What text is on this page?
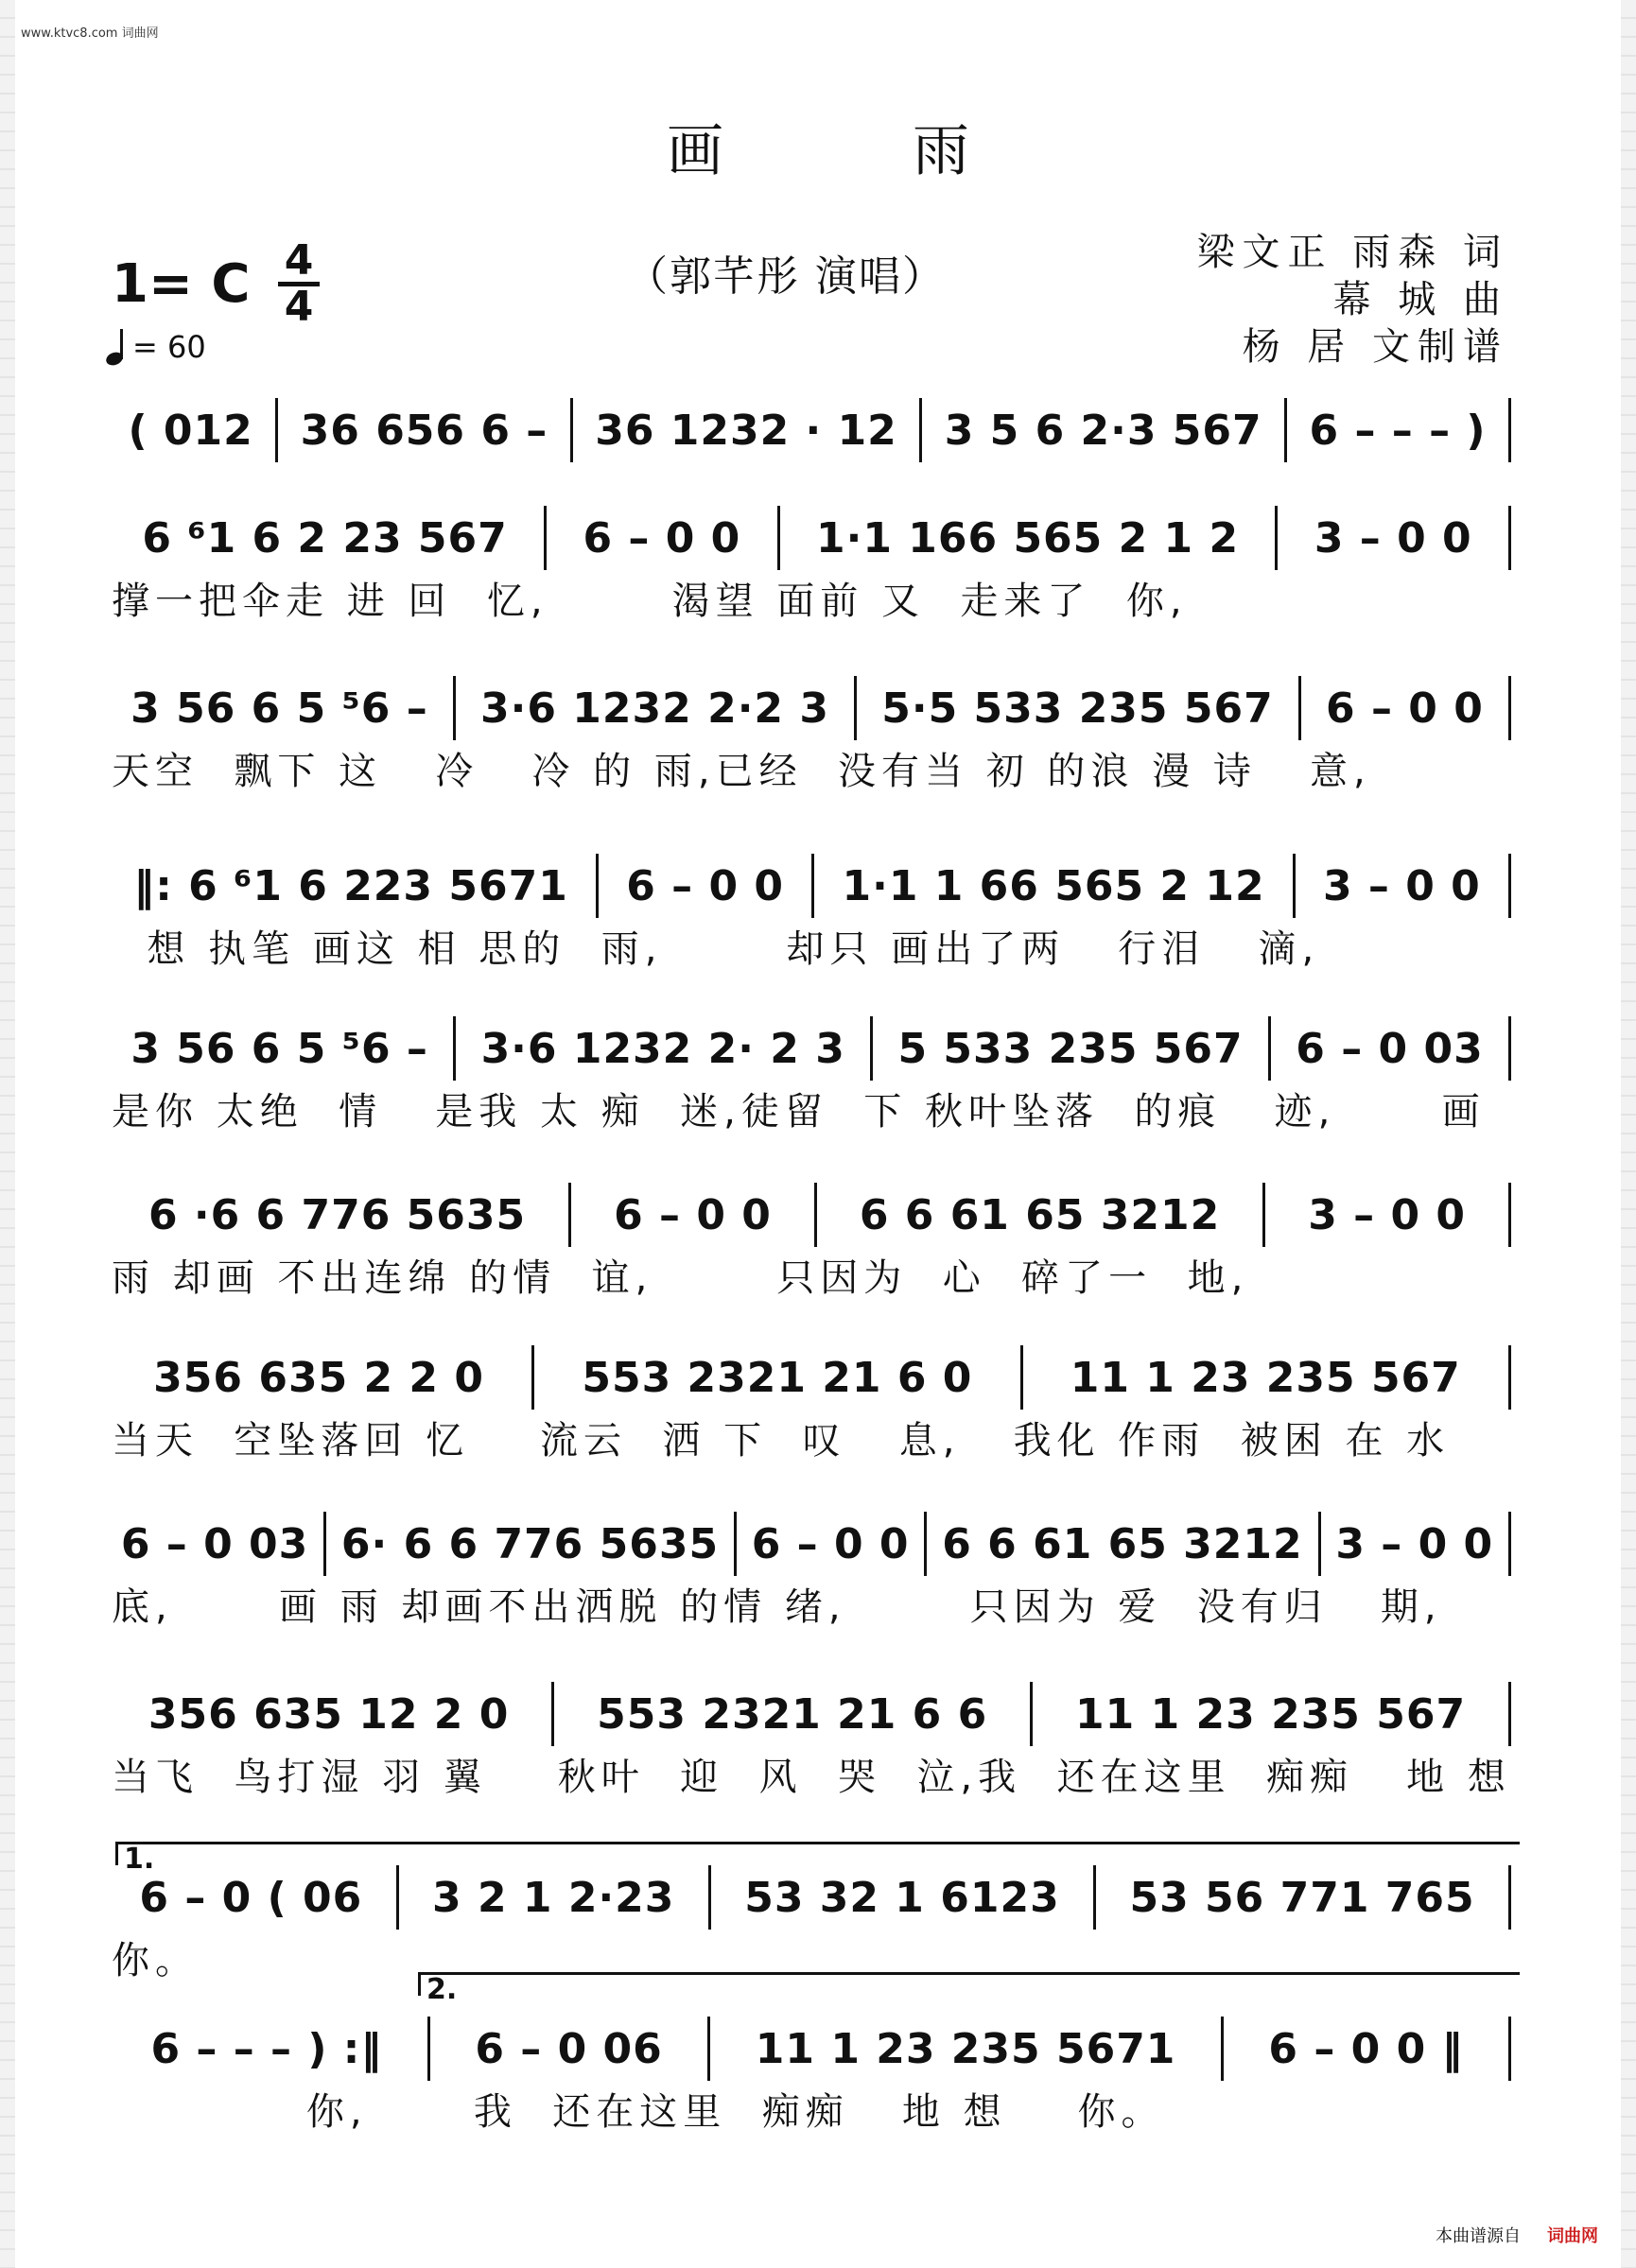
www.ktvc8.com 词曲网
画雨
1= C 4
4
= 60
（郭芊彤 演唱）	梁文正 雨森 词
幕 城 曲
杨 居 文制谱
( 012 36 656 6 – 36 1232 · 12 3 5 6 2·3 567 6 – – – )
6 ⁶1 6 2 23 567 6 – 0 0 1·1 166 565 2 1 2 3 – 0 0
撑一把伞走 进 回  忆,       渴望 面前 又  走来了  你,
3 56 6 5 ⁵6 – 3·6 1232 2·2 3 5·5 533 235 567 6 – 0 0
天空  飘下 这   冷   冷 的 雨,已经  没有当 初 的浪 漫 诗   意,
‖: 6 ⁶1 6 223 5671 6 – 0 0 1·1 1 66 565 2 12 3 – 0 0
想 执笔 画这 相 思的  雨,       却只 画出了两   行泪   滴,
3 56 6 5 ⁵6 – 3·6 1232 2· 2 3 5 533 235 567 6 – 0 03
是你 太绝  情   是我 太 痴  迷,徒留  下 秋叶坠落  的痕   迹,      画
6 ·6 6 776 5635 6 – 0 0 6 6 61 65 3212 3 – 0 0
雨 却画 不出连绵 的情  谊,       只因为  心  碎了一  地,
356 635 2 2 0 553 2321 21 6 0 11 1 23 235 567
当天  空坠落回 忆    流云  洒 下  叹   息,   我化 作雨  被困 在 水
6 – 0 03 6· 6 6 776 5635 6 – 0 0 6 6 61 65 3212 3 – 0 0
底,      画 雨 却画不出洒脱 的情 绪,       只因为 爱  没有归   期,
356 635 12 2 0 553 2321 21 6 6 11 1 23 235 567
当飞  鸟打湿 羽 翼    秋叶  迎  风  哭  泣,我  还在这里  痴痴   地 想
6 – 0 ( 06 3 2 1 2·23 53 32 1 6123 53 56 771 765
你。
6 – – – ) :‖ 6 – 0 06 11 1 23 235 5671 6 – 0 0 ‖
你,      我  还在这里  痴痴   地 想    你。
1.
2.
本曲谱源自 词曲网
